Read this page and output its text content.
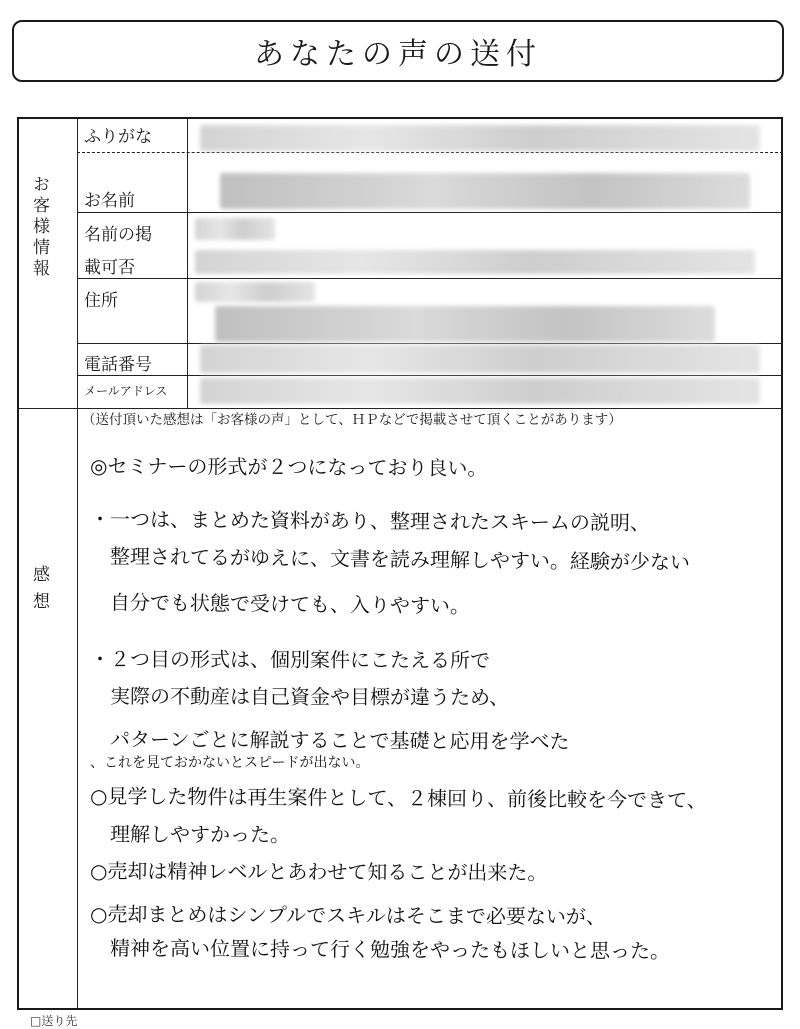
あなたの声の送付
お客様情報
ふりがな
お名前
名前の掲
載可否
住所
電話番号
メールアドレス
感想
（送付頂いた感想は「お客様の声」として、ＨＰなどで掲載させて頂くことがあります）
◎セミナーの形式が２つになっており良い。
・一つは、まとめた資料があり、整理されたスキームの説明、
　整理されてるがゆえに、文書を読み理解しやすい。経験が少ない
　自分でも状態で受けても、入りやすい。
・２つ目の形式は、個別案件にこたえる所で
　実際の不動産は自己資金や目標が違うため、
　パターンごとに解説することで基礎と応用を学べた
、これを見ておかないとスピードが出ない。
○見学した物件は再生案件として、２棟回り、前後比較を今できて、
　理解しやすかった。
○売却は精神レベルとあわせて知ることが出来た。
○売却まとめはシンプルでスキルはそこまで必要ないが、
　精神を高い位置に持って行く勉強をやったもほしいと思った。
□送り先
